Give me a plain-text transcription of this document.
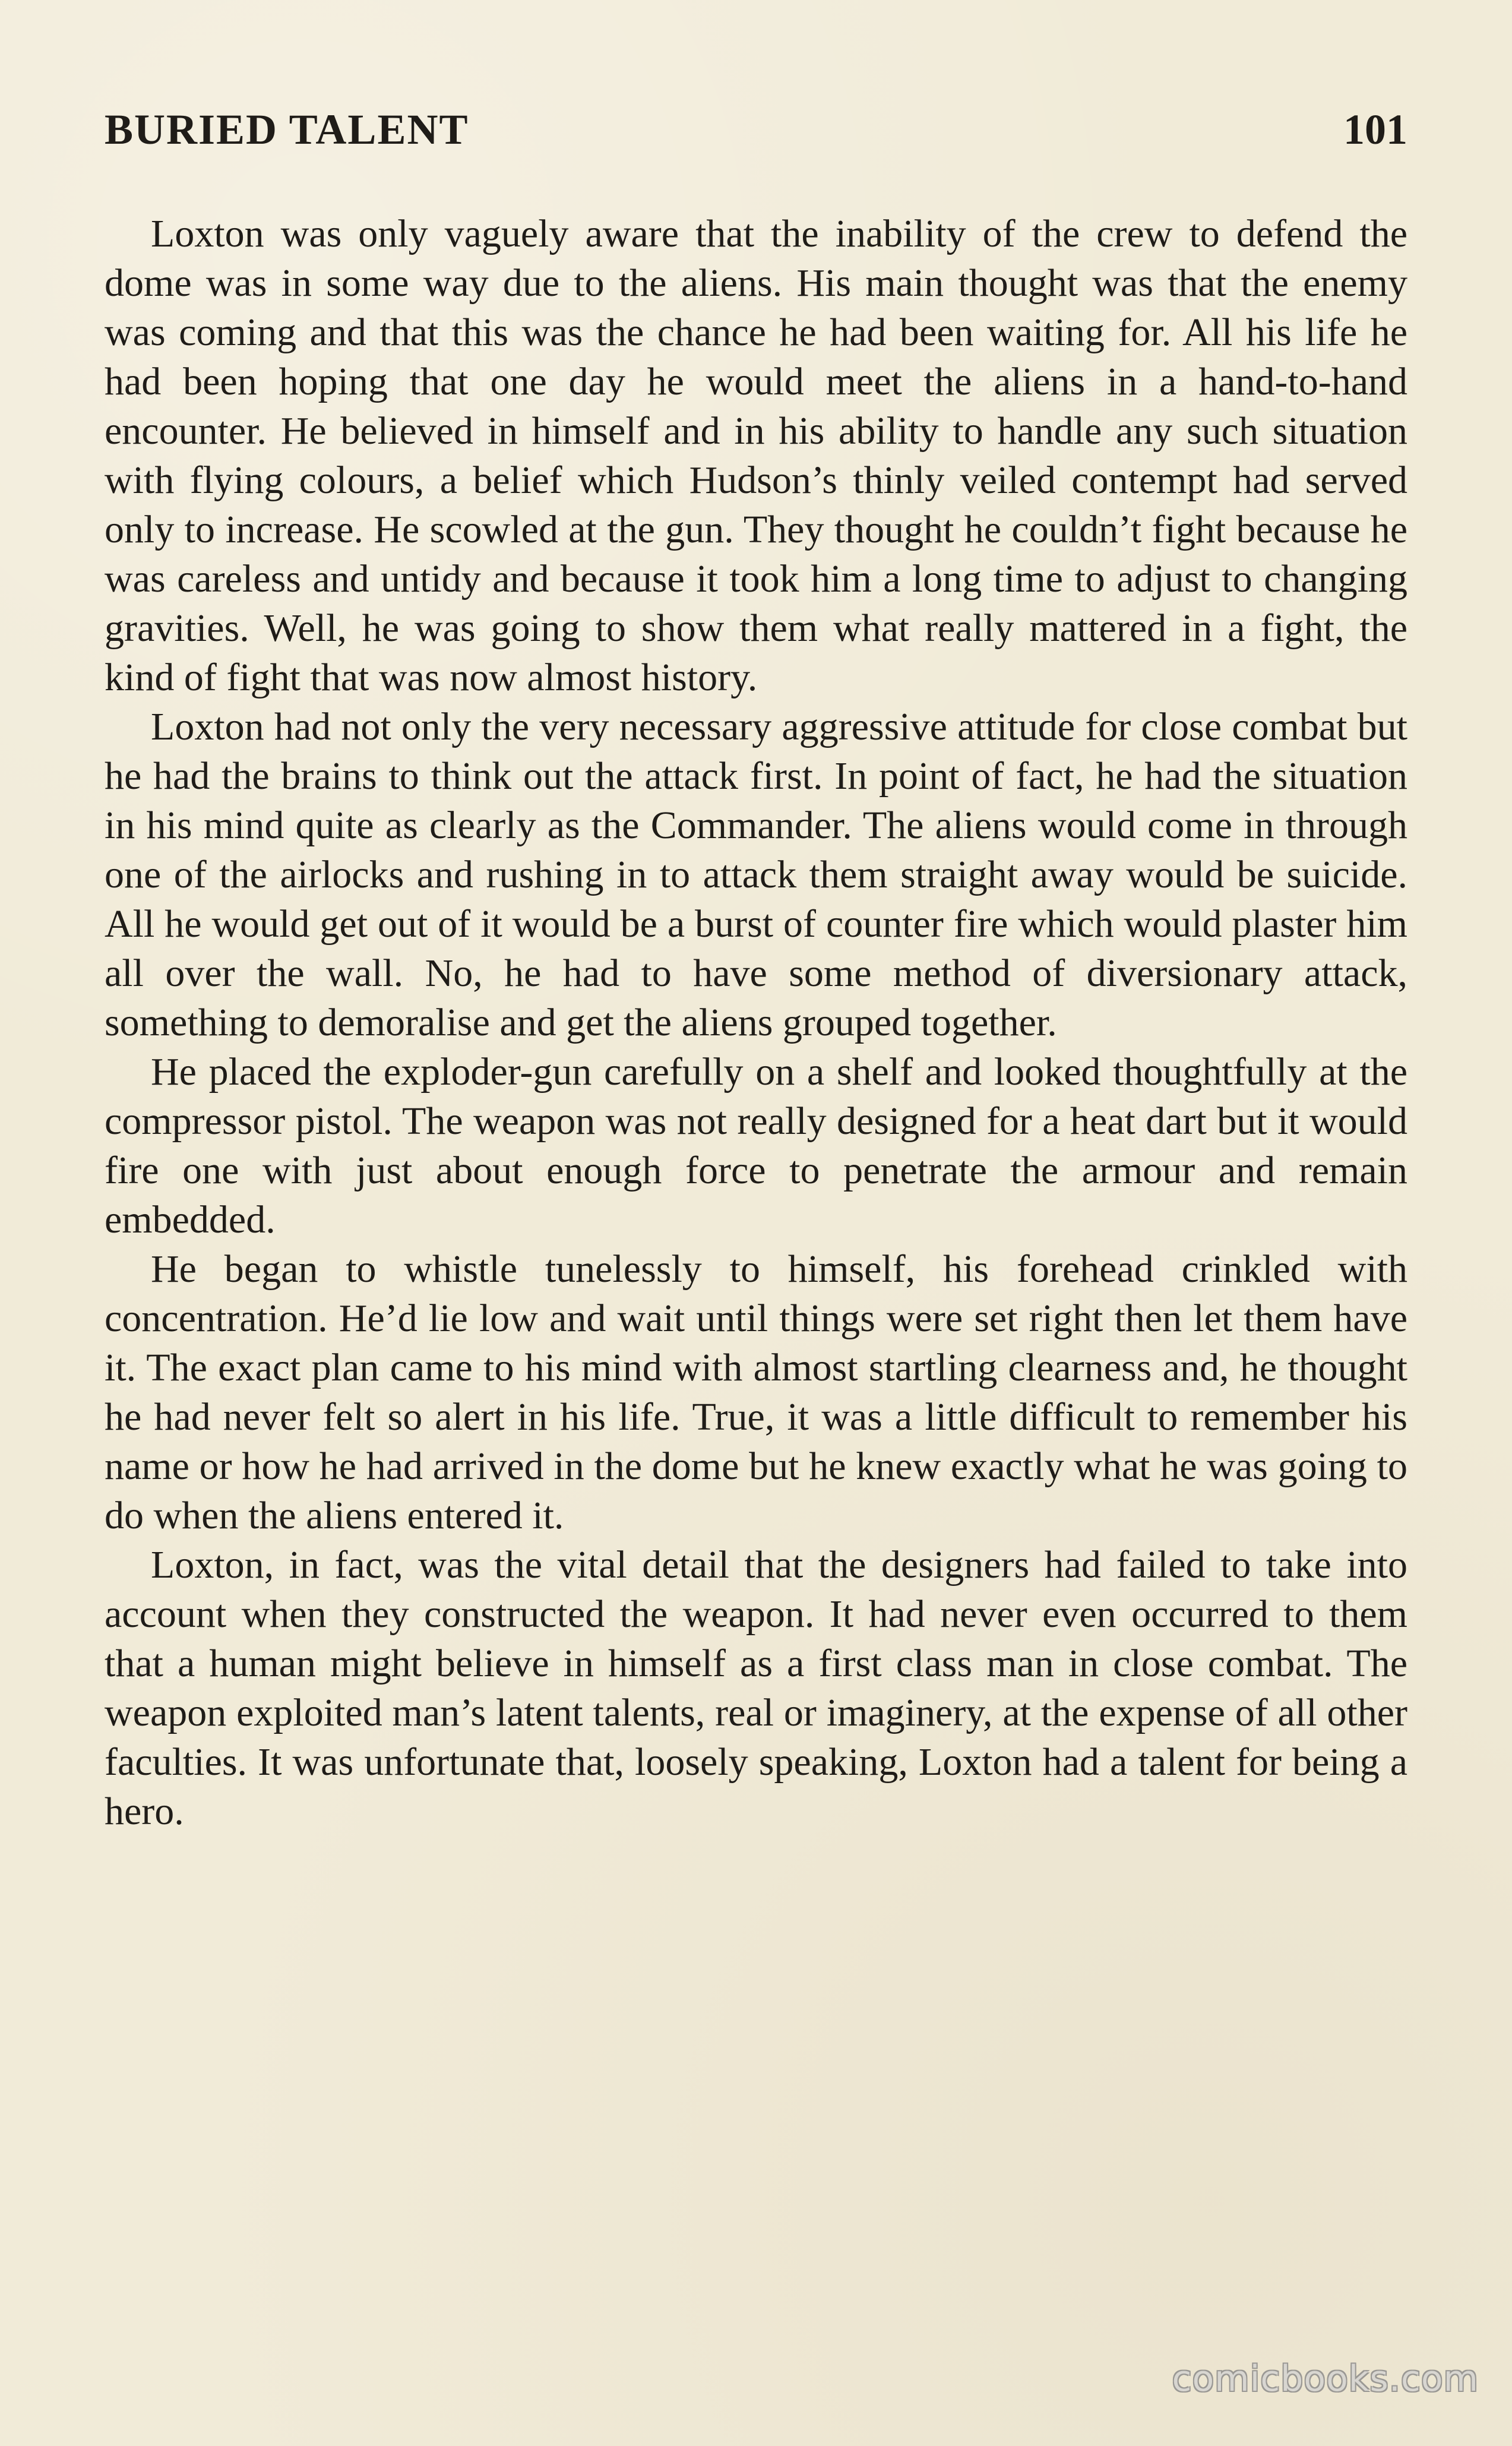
BURIED TALENT	101

Loxton was only vaguely aware that the inability of the crew to defend the dome was in some way due to the aliens. His main thought was that the enemy was coming and that this was the chance he had been waiting for. All his life he had been hoping that one day he would meet the aliens in a hand-to-hand encounter. He believed in himself and in his ability to handle any such situation with flying colours, a belief which Hudson’s thinly veiled contempt had served only to increase. He scowled at the gun. They thought he couldn’t fight because he was careless and untidy and because it took him a long time to adjust to changing gravities. Well, he was going to show them what really mattered in a fight, the kind of fight that was now almost history.

Loxton had not only the very necessary aggressive attitude for close combat but he had the brains to think out the attack first. In point of fact, he had the situation in his mind quite as clearly as the Commander. The aliens would come in through one of the airlocks and rushing in to attack them straight away would be suicide. All he would get out of it would be a burst of counter fire which would plaster him all over the wall. No, he had to have some method of diversionary attack, something to demoralise and get the aliens grouped together.

He placed the exploder-gun carefully on a shelf and looked thoughtfully at the compressor pistol. The weapon was not really designed for a heat dart but it would fire one with just about enough force to penetrate the armour and remain embedded.

He began to whistle tunelessly to himself, his forehead crinkled with concentration. He’d lie low and wait until things were set right then let them have it. The exact plan came to his mind with almost startling clearness and, he thought he had never felt so alert in his life. True, it was a little difficult to remember his name or how he had arrived in the dome but he knew exactly what he was going to do when the aliens entered it.

Loxton, in fact, was the vital detail that the designers had failed to take into account when they constructed the weapon. It had never even occurred to them that a human might believe in himself as a first class man in close combat. The weapon exploited man’s latent talents, real or imaginery, at the expense of all other faculties. It was unfortunate that, loosely speaking, Loxton had a talent for being a hero.

comicbooks.com
